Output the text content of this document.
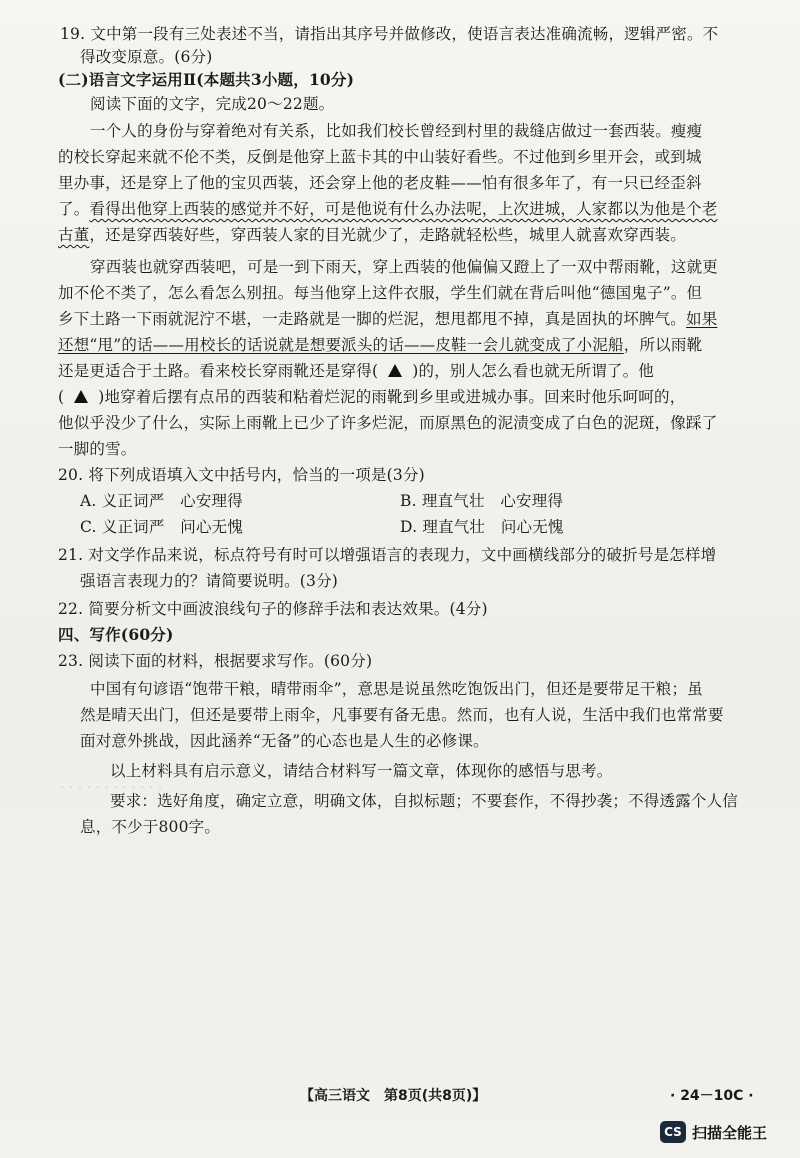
· · · · · · · · · · · ·
19. 文中第一段有三处表述不当，请指出其序号并做修改，使语言表达准确流畅，逻辑严密。不
得改变原意。(6分)
(二)语言文字运用Ⅱ(本题共3小题，10分)
阅读下面的文字，完成20～22题。
一个人的身份与穿着绝对有关系，比如我们校长曾经到村里的裁缝店做过一套西装。瘦瘦
的校长穿起来就不伦不类，反倒是他穿上蓝卡其的中山装好看些。不过他到乡里开会，或到城
里办事，还是穿上了他的宝贝西装，还会穿上他的老皮鞋——怕有很多年了，有一只已经歪斜
了。看得出他穿上西装的感觉并不好，可是他说有什么办法呢，上次进城，人家都以为他是个老
古董，还是穿西装好些，穿西装人家的目光就少了，走路就轻松些，城里人就喜欢穿西装。
穿西装也就穿西装吧，可是一到下雨天，穿上西装的他偏偏又蹬上了一双中帮雨靴，这就更
加不伦不类了，怎么看怎么别扭。每当他穿上这件衣服，学生们就在背后叫他“德国鬼子”。但
乡下土路一下雨就泥泞不堪，一走路就是一脚的烂泥，想甩都甩不掉，真是固执的坏脾气。如果
还想“甩”的话——用校长的话说就是想要派头的话——皮鞋一会儿就变成了小泥船，所以雨靴
还是更适合于土路。看来校长穿雨靴还是穿得( )的，别人怎么看也就无所谓了。他
( )地穿着后摆有点吊的西装和粘着烂泥的雨靴到乡里或进城办事。回来时他乐呵呵的，
他似乎没少了什么，实际上雨靴上已少了许多烂泥，而原黑色的泥渍变成了白色的泥斑，像踩了
一脚的雪。
20. 将下列成语填入文中括号内，恰当的一项是(3分)
A. 义正词严　心安理得	B. 理直气壮　心安理得
C. 义正词严　问心无愧	D. 理直气壮　问心无愧
21. 对文学作品来说，标点符号有时可以增强语言的表现力，文中画横线部分的破折号是怎样增
强语言表现力的？请简要说明。(3分)
22. 简要分析文中画波浪线句子的修辞手法和表达效果。(4分)
四、写作(60分)
23. 阅读下面的材料，根据要求写作。(60分)
中国有句谚语“饱带干粮，晴带雨伞”，意思是说虽然吃饱饭出门，但还是要带足干粮；虽
然是晴天出门，但还是要带上雨伞，凡事要有备无患。然而，也有人说，生活中我们也常常要
面对意外挑战，因此涵养“无备”的心态也是人生的必修课。
以上材料具有启示意义，请结合材料写一篇文章，体现你的感悟与思考。
要求：选好角度，确定立意，明确文体，自拟标题；不要套作，不得抄袭；不得透露个人信
息，不少于800字。
【高三语文　第8页(共8页)】	· 24－10C ·
CS 扫描全能王
